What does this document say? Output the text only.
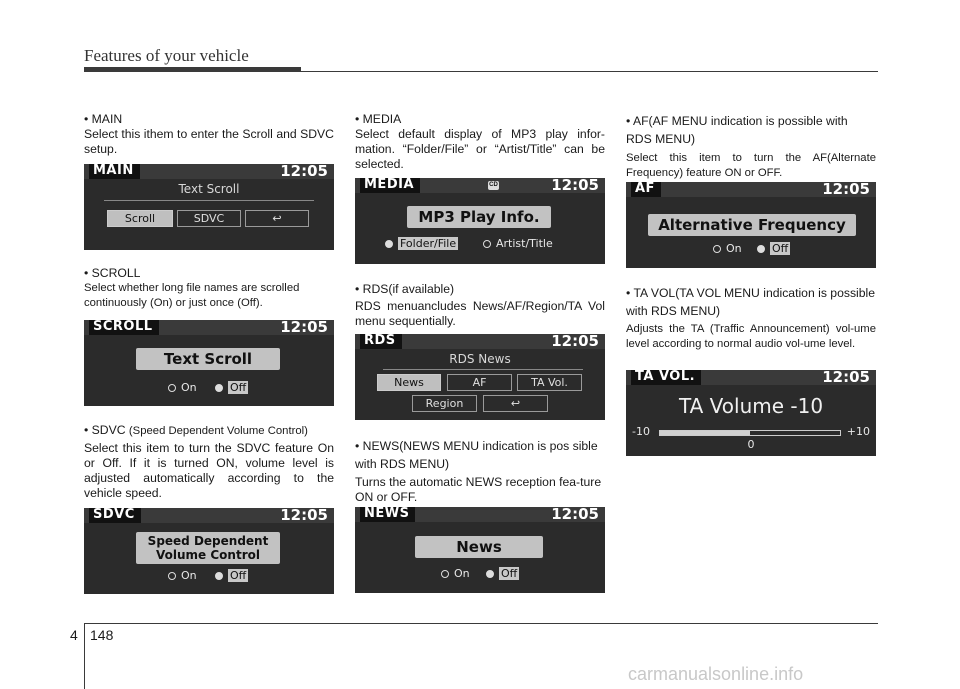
Features of your vehicle

• MAIN

Select this ithem to enter the Scroll and SDVC setup.

MAIN	12:05
Text Scroll
Scroll	SDVC	↩

• SCROLL

Select whether long file names are scrolled continuously (On) or just once (Off).

SCROLL	12:05
Text Scroll
On	Off

• SDVC (Speed Dependent Volume Control)

Select this item to turn the SDVC feature On or Off. If it is turned ON, volume level is adjusted automatically according to the vehicle speed.

SDVC	12:05
Speed Dependent
Volume Control
On	Off

• MEDIA

Select default display of MP3 play infor-mation. “Folder/File” or “Artist/Title” can be selected.

MEDIA	CD	12:05
MP3 Play Info.
Folder/File	Artist/Title

• RDS(if available)

RDS menuancludes News/AF/Region/TA Vol menu sequentially.

RDS	12:05
RDS News
News	AF	TA Vol.
Region	↩

• NEWS(NEWS MENU indication is pos sible with RDS MENU)

Turns the automatic NEWS reception fea-ture ON or OFF.

NEWS	12:05
News
On	Off

• AF(AF MENU indication is possible with RDS MENU)

Select this item to turn the AF(Alternate Frequency) feature ON or OFF.

AF	12:05
Alternative Frequency
On	Off

• TA VOL(TA VOL MENU indication is possible with RDS MENU)

Adjusts the TA (Traffic Announcement) vol-ume level according to normal audio vol-ume level.

TA VOL.	12:05
TA Volume -10
-10	+10
0
4 148
carmanualsonline.info
